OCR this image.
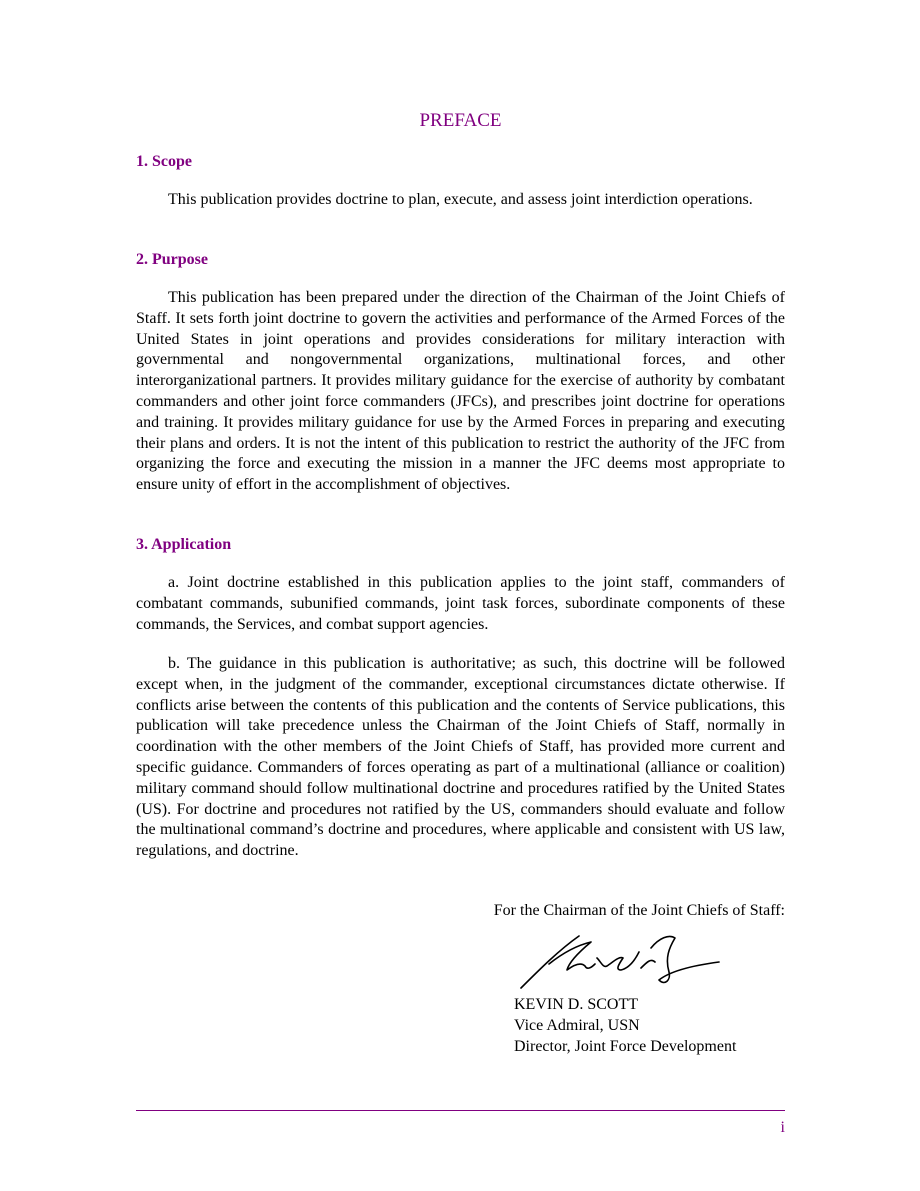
PREFACE
1. Scope
This publication provides doctrine to plan, execute, and assess joint interdiction operations.
2. Purpose
This publication has been prepared under the direction of the Chairman of the Joint Chiefs of Staff. It sets forth joint doctrine to govern the activities and performance of the Armed Forces of the United States in joint operations and provides considerations for military interaction with governmental and nongovernmental organizations, multinational forces, and other interorganizational partners. It provides military guidance for the exercise of authority by combatant commanders and other joint force commanders (JFCs), and prescribes joint doctrine for operations and training. It provides military guidance for use by the Armed Forces in preparing and executing their plans and orders. It is not the intent of this publication to restrict the authority of the JFC from organizing the force and executing the mission in a manner the JFC deems most appropriate to ensure unity of effort in the accomplishment of objectives.
3. Application
a. Joint doctrine established in this publication applies to the joint staff, commanders of combatant commands, subunified commands, joint task forces, subordinate components of these commands, the Services, and combat support agencies.
b. The guidance in this publication is authoritative; as such, this doctrine will be followed except when, in the judgment of the commander, exceptional circumstances dictate otherwise. If conflicts arise between the contents of this publication and the contents of Service publications, this publication will take precedence unless the Chairman of the Joint Chiefs of Staff, normally in coordination with the other members of the Joint Chiefs of Staff, has provided more current and specific guidance. Commanders of forces operating as part of a multinational (alliance or coalition) military command should follow multinational doctrine and procedures ratified by the United States (US). For doctrine and procedures not ratified by the US, commanders should evaluate and follow the multinational command’s doctrine and procedures, where applicable and consistent with US law, regulations, and doctrine.
For the Chairman of the Joint Chiefs of Staff:
KEVIN D. SCOTT
Vice Admiral, USN
Director, Joint Force Development
i
